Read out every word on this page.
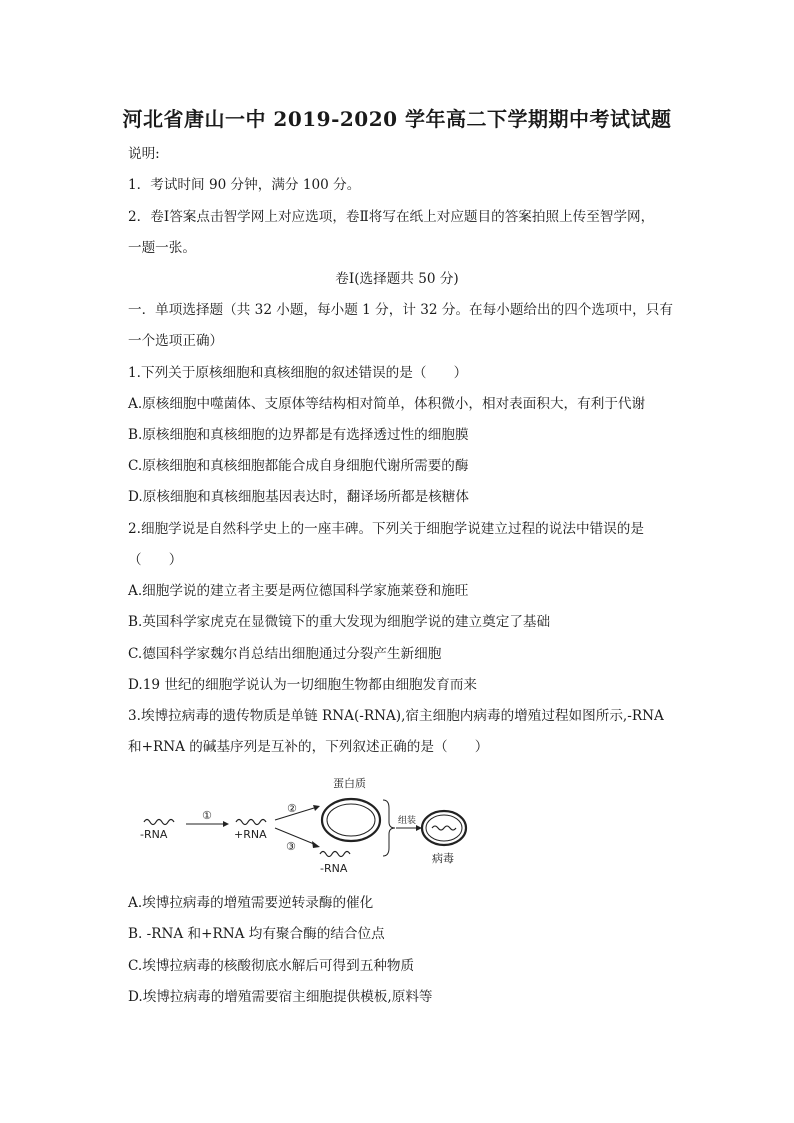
河北省唐山一中 2019-2020 学年高二下学期期中考试试题
说明:
1．考试时间 90 分钟，满分 100 分。
2．卷Ⅰ答案点击智学网上对应选项，卷Ⅱ将写在纸上对应题目的答案拍照上传至智学网，
一题一张。
卷Ⅰ(选择题共 50 分)
一．单项选择题（共 32 小题，每小题 1 分，计 32 分。在每小题给出的四个选项中，只有
一个选项正确）
1.下列关于原核细胞和真核细胞的叙述错误的是（　　）
A.原核细胞中噬菌体、支原体等结构相对简单，体积微小，相对表面积大，有利于代谢
B.原核细胞和真核细胞的边界都是有选择透过性的细胞膜
C.原核细胞和真核细胞都能合成自身细胞代谢所需要的酶
D.原核细胞和真核细胞基因表达时，翻译场所都是核糖体
2.细胞学说是自然科学史上的一座丰碑。下列关于细胞学说建立过程的说法中错误的是
（　　）
A.细胞学说的建立者主要是两位德国科学家施莱登和施旺
B.英国科学家虎克在显微镜下的重大发现为细胞学说的建立奠定了基础
C.德国科学家魏尔肖总结出细胞通过分裂产生新细胞
D.19 世纪的细胞学说认为一切细胞生物都由细胞发育而来
3.埃博拉病毒的遗传物质是单链 RNA(-RNA),宿主细胞内病毒的增殖过程如图所示,-RNA
和+RNA 的碱基序列是互补的，下列叙述正确的是（　　）
-RNA
①
+RNA
②
③
蛋白质
-RNA
组装
病毒
A.埃博拉病毒的增殖需要逆转录酶的催化
B. -RNA 和+RNA 均有聚合酶的结合位点
C.埃博拉病毒的核酸彻底水解后可得到五种物质
D.埃博拉病毒的增殖需要宿主细胞提供模板,原料等
